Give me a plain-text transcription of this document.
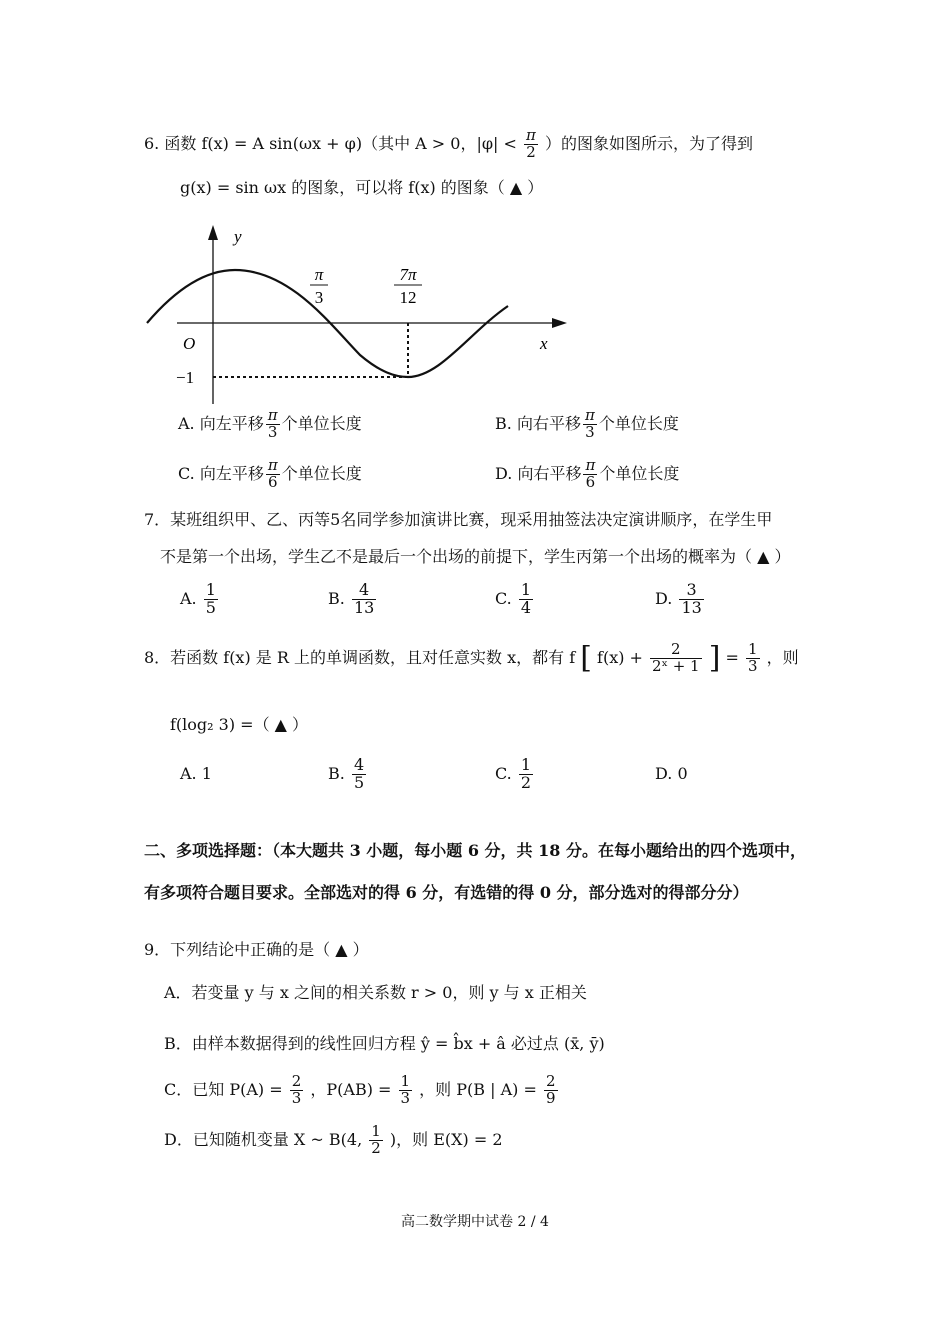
6. 函数 f(x) = A sin(ωx + φ)（其中 A > 0，$|\varphi| < \frac{\pi}{2}$ ）的图象如图所示，为了得到
g(x) = sin ωx 的图象，可以将 f(x) 的图象（ ▲ ）
y
x
O
−1
π
3
7π
12
A. 向左平移 $\frac{\pi}{3}$ 个单位长度	B. 向右平移 $\frac{\pi}{3}$ 个单位长度
C. 向左平移 $\frac{\pi}{6}$ 个单位长度	D. 向右平移 $\frac{\pi}{6}$ 个单位长度
7．某班组织甲、乙、丙等5名同学参加演讲比赛，现采用抽签法决定演讲顺序，在学生甲
不是第一个出场，学生乙不是最后一个出场的前提下，学生丙第一个出场的概率为（ ▲ ）
A. $\frac{1}{5}$	B. $\frac{4}{13}$	C. $\frac{1}{4}$	D. $\frac{3}{13}$
8．若函数 f(x) 是 R 上的单调函数，且对任意实数 x，都有 f [ $f(x) + \frac{2}{\text{2ˣ + 1}}$ ] = $\frac{1}{3}$ ，则
f(log₂ 3) =（ ▲ ）
A. 1	B. $\frac{4}{5}$	C. $\frac{1}{2}$	D. 0
二、多项选择题：（本大题共 3 小题，每小题 6 分，共 18 分。在每小题给出的四个选项中，
有多项符合题目要求。全部选对的得 6 分，有选错的得 0 分，部分选对的得部分分）
9．下列结论中正确的是（ ▲ ）
A．若变量 y 与 x 之间的相关系数 r > 0，则 y 与 x 正相关
B．由样本数据得到的线性回归方程 ŷ = b̂x + â 必过点 (x̄, ȳ)
C．已知 $P(A) = \frac{2}{3}$ ，$P(AB) = \frac{1}{3}$ ，则 P(B | $A) = \frac{2}{9}$
D．已知随机变量 X ~ B(4, $\frac{1}{2}$ )，则 E(X) = 2
高二数学期中试卷 2 / 4
